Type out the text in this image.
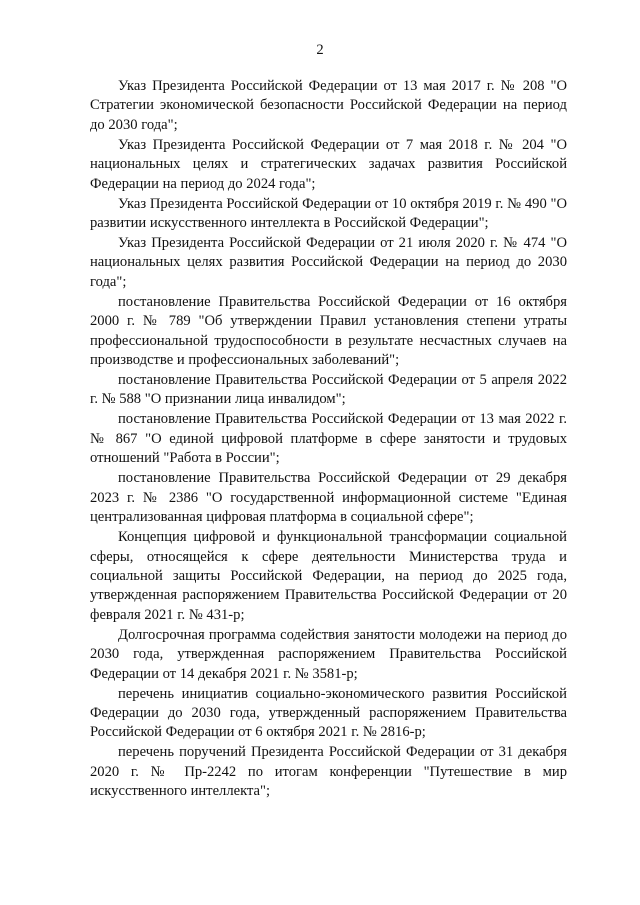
2

Указ Президента Российской Федерации от 13 мая 2017 г. № 208 "О Стратегии экономической безопасности Российской Федерации на период до 2030 года";

Указ Президента Российской Федерации от 7 мая 2018 г. № 204 "О национальных целях и стратегических задачах развития Российской Федерации на период до 2024 года";

Указ Президента Российской Федерации от 10 октября 2019 г. № 490 "О развитии искусственного интеллекта в Российской Федерации";

Указ Президента Российской Федерации от 21 июля 2020 г. № 474 "О национальных целях развития Российской Федерации на период до 2030 года";

постановление Правительства Российской Федерации от 16 октября 2000 г. № 789 "Об утверждении Правил установления степени утраты профессиональной трудоспособности в результате несчастных случаев на производстве и профессиональных заболеваний";

постановление Правительства Российской Федерации от 5 апреля 2022 г. № 588 "О признании лица инвалидом";

постановление Правительства Российской Федерации от 13 мая 2022 г. № 867 "О единой цифровой платформе в сфере занятости и трудовых отношений "Работа в России";

постановление Правительства Российской Федерации от 29 декабря 2023 г. № 2386 "О государственной информационной системе "Единая централизованная цифровая платформа в социальной сфере";

Концепция цифровой и функциональной трансформации социальной сферы, относящейся к сфере деятельности Министерства труда и социальной защиты Российской Федерации, на период до 2025 года, утвержденная распоряжением Правительства Российской Федерации от 20 февраля 2021 г. № 431-р;

Долгосрочная программа содействия занятости молодежи на период до 2030 года, утвержденная распоряжением Правительства Российской Федерации от 14 декабря 2021 г. № 3581-р;

перечень инициатив социально-экономического развития Российской Федерации до 2030 года, утвержденный распоряжением Правительства Российской Федерации от 6 октября 2021 г. № 2816-р;

перечень поручений Президента Российской Федерации от 31 декабря 2020 г. № Пр-2242 по итогам конференции "Путешествие в мир искусственного интеллекта";
